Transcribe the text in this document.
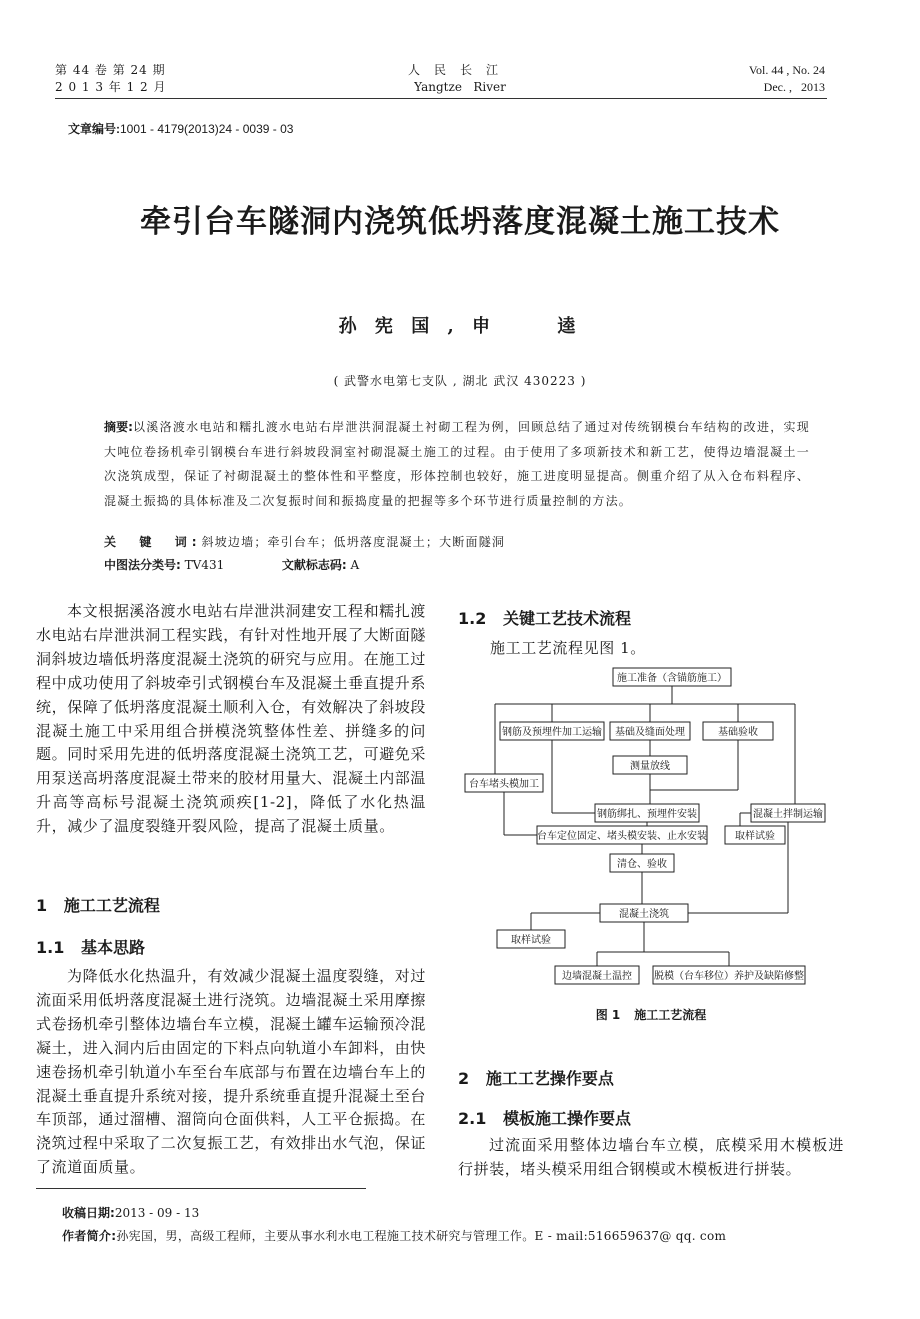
第 44 卷 第 24 期
2 0 1 3 年 1 2 月
人民长江
Yangtze   River
Vol. 44 , No. 24
Dec. ,   2013
文章编号:1001 - 4179(2013)24 - 0039 - 03
牵引台车隧洞内浇筑低坍落度混凝土施工技术
孙 宪 国 , 申     逵
( 武警水电第七支队 , 湖北 武汉 430223 )
摘要:以溪洛渡水电站和糯扎渡水电站右岸泄洪洞混凝土衬砌工程为例，回顾总结了通过对传统钢模台车结构的改进，实现大吨位卷扬机牵引钢模台车进行斜坡段洞室衬砌混凝土施工的过程。由于使用了多项新技术和新工艺，使得边墙混凝土一次浇筑成型，保证了衬砌混凝土的整体性和平整度，形体控制也较好，施工进度明显提高。侧重介绍了从入仓布料程序、混凝土振捣的具体标准及二次复振时间和振捣度量的把握等多个环节进行质量控制的方法。
关  键  词:斜坡边墙；牵引台车；低坍落度混凝土；大断面隧洞
中图法分类号: TV431	文献标志码: A
本文根据溪洛渡水电站右岸泄洪洞建安工程和糯扎渡水电站右岸泄洪洞工程实践，有针对性地开展了大断面隧洞斜坡边墙低坍落度混凝土浇筑的研究与应用。在施工过程中成功使用了斜坡牵引式钢模台车及混凝土垂直提升系统，保障了低坍落度混凝土顺利入仓，有效解决了斜坡段混凝土施工中采用组合拼模浇筑整体性差、拼缝多的问题。同时采用先进的低坍落度混凝土浇筑工艺，可避免采用泵送高坍落度混凝土带来的胶材用量大、混凝土内部温升高等高标号混凝土浇筑顽疾[1-2]，降低了水化热温升，减少了温度裂缝开裂风险，提高了混凝土质量。
1   施工工艺流程
1.1   基本思路
为降低水化热温升，有效减少混凝土温度裂缝，对过流面采用低坍落度混凝土进行浇筑。边墙混凝土采用摩擦式卷扬机牵引整体边墙台车立模，混凝土罐车运输预冷混凝土，进入洞内后由固定的下料点向轨道小车卸料，由快速卷扬机牵引轨道小车至台车底部与布置在边墙台车上的混凝土垂直提升系统对接，提升系统垂直提升混凝土至台车顶部，通过溜槽、溜筒向仓面供料，人工平仓振捣。在浇筑过程中采取了二次复振工艺，有效排出水气泡，保证了流道面质量。
1.2   关键工艺技术流程
施工工艺流程见图 1。
施工准备（含锚筋施工）
钢筋及预埋件加工运输 基础及缝面处理	基础验收
测量放线
台车堵头模加工
钢筋绑扎、预埋件安装	混凝土拌制运输
台车定位固定、堵头模安装、止水安装	取样试验
清仓、验收
混凝土浇筑
取样试验
边墙混凝土温控 脱模（台车移位）养护及缺陷修整
图 1 施工工艺流程
2   施工工艺操作要点
2.1   模板施工操作要点
过流面采用整体边墙台车立模，底模采用木模板进行拼装，堵头模采用组合钢模或木模板进行拼装。
收稿日期:2013 - 09 - 13
作者简介:孙宪国，男，高级工程师，主要从事水利水电工程施工技术研究与管理工作。E - mail:516659637@ qq. com
